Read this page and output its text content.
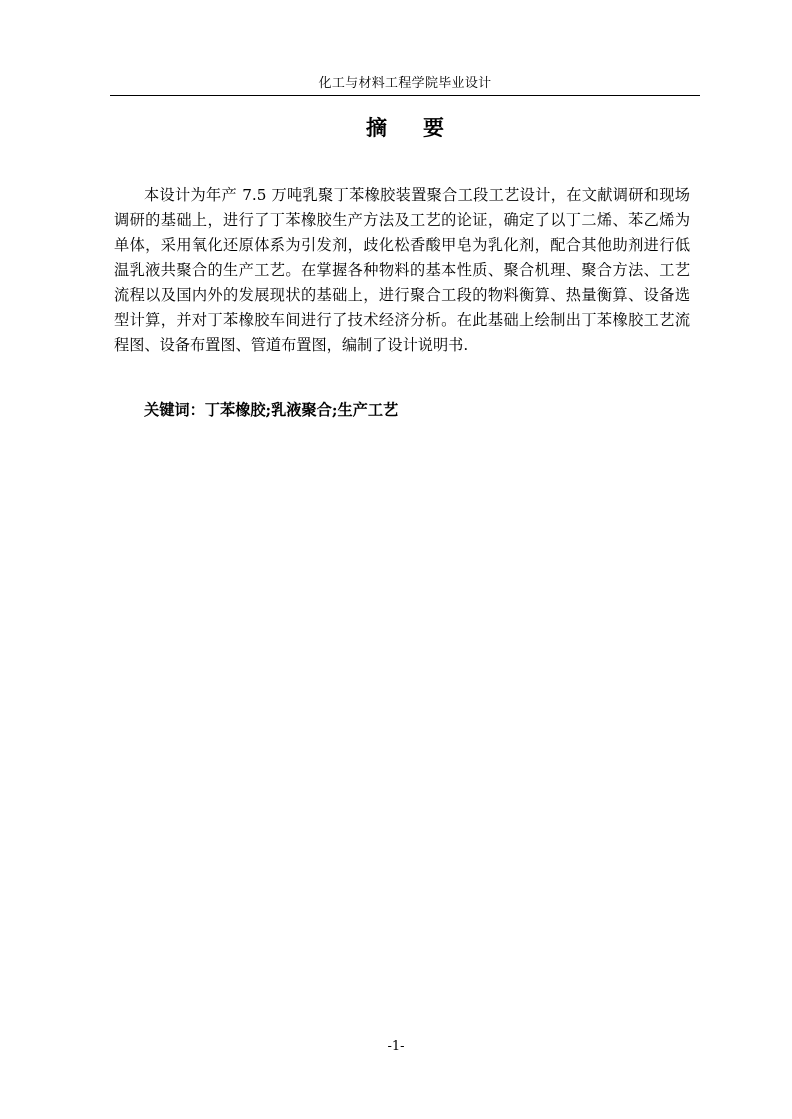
化工与材料工程学院毕业设计
摘要

本设计为年产 7.5 万吨乳聚丁苯橡胶装置聚合工段工艺设计，在文献调研和现场调研的基础上，进行了丁苯橡胶生产方法及工艺的论证，确定了以丁二烯、苯乙烯为单体，采用氧化还原体系为引发剂，歧化松香酸甲皂为乳化剂，配合其他助剂进行低温乳液共聚合的生产工艺。在掌握各种物料的基本性质、聚合机理、聚合方法、工艺流程以及国内外的发展现状的基础上，进行聚合工段的物料衡算、热量衡算、设备选型计算，并对丁苯橡胶车间进行了技术经济分析。在此基础上绘制出丁苯橡胶工艺流程图、设备布置图、管道布置图，编制了设计说明书.

关键词：丁苯橡胶;乳液聚合;生产工艺
-1-
